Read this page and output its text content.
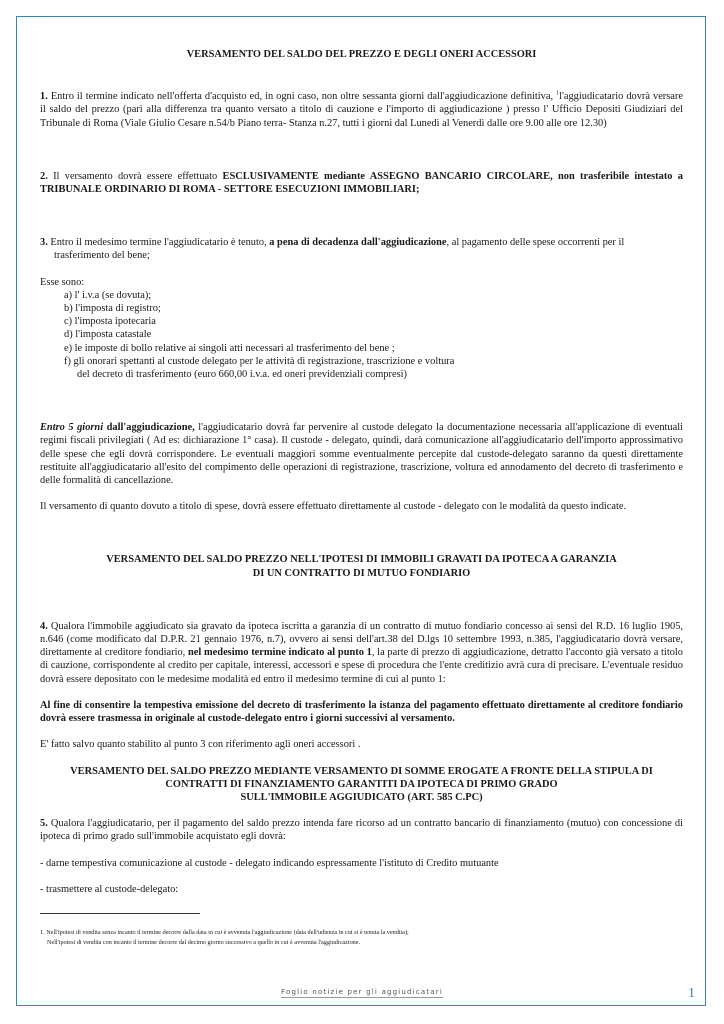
VERSAMENTO DEL SALDO DEL PREZZO E DEGLI ONERI ACCESSORI

1. Entro il termine indicato nell'offerta d'acquisto ed, in ogni caso, non oltre sessanta giorni dall'aggiudicazione definitiva, $^1$l'aggiudicatario dovrà versare il saldo del prezzo (pari alla differenza tra quanto versato a titolo di cauzione e l'importo di aggiudicazione ) presso l' Ufficio Depositi Giudiziari del Tribunale di Roma (Viale Giulio Cesare n.54/b Piano terra- Stanza n.27, tutti i giorni dal Lunedì al Venerdì dalle ore 9.00 alle ore 12.30)

2. Il versamento dovrà essere effettuato ESCLUSIVAMENTE mediante ASSEGNO BANCARIO CIRCOLARE, non trasferibile intestato a TRIBUNALE ORDINARIO DI ROMA - SETTORE ESECUZIONI IMMOBILIARI;

3. Entro il medesimo termine l'aggiudicatario è tenuto, a pena di decadenza dall'aggiudicazione, al pagamento delle spese occorrenti per il

trasferimento del bene;

Esse sono:

a) l' i.v.a (se dovuta);
b) l'imposta di registro;
c) l'imposta ipotecaria
d) l'imposta catastale
e) le imposte di bollo relative ai singoli atti necessari al trasferimento del bene ;
f) gli onorari spettanti al custode delegato per le attività di registrazione, trascrizione e voltura
del decreto di trasferimento (euro 660,00 i.v.a. ed oneri previdenziali compresi)

Entro 5 giorni dall'aggiudicazione, l'aggiudicatario dovrà far pervenire al custode delegato la documentazione necessaria all'applicazione di eventuali regimi fiscali privilegiati ( Ad es: dichiarazione 1° casa). Il custode - delegato, quindi, darà comunicazione all'aggiudicatario dell'importo approssimativo delle spese che egli dovrà corrispondere. Le eventuali maggiori somme eventualmente percepite dal custode-delegato saranno da questi direttamente restituite all'aggiudicatario all'esito del compimento delle operazioni di registrazione, trascrizione, voltura ed annodamento del decreto di trasferimento e delle formalità di cancellazione.

Il versamento di quanto dovuto a titolo di spese, dovrà essere effettuato direttamente al custode - delegato con le modalità da questo indicate.

VERSAMENTO DEL SALDO PREZZO NELL'IPOTESI DI IMMOBILI GRAVATI DA IPOTECA A GARANZIA
DI UN CONTRATTO DI MUTUO FONDIARIO

4. Qualora l'immobile aggiudicato sia gravato da ipoteca iscritta a garanzia di un contratto di mutuo fondiario concesso ai sensi del R.D. 16 luglio 1905, n.646 (come modificato dal D.P.R. 21 gennaio 1976, n.7), ovvero ai sensi dell'art.38 del D.lgs 10 settembre 1993, n.385, l'aggiudicatario dovrà versare, direttamente al creditore fondiario, nel medesimo termine indicato al punto 1, la parte di prezzo di aggiudicazione, detratto l'acconto già versato a titolo di cauzione, corrispondente al credito per capitale, interessi, accessori e spese di procedura che l'ente creditizio avrà cura di precisare. L'eventuale residuo dovrà essere depositato con le medesime modalità ed entro il medesimo termine di cui al punto 1:

Al fine di consentire la tempestiva emissione del decreto di trasferimento la istanza del pagamento effettuato direttamente al creditore fondiario dovrà essere trasmessa in originale al custode-delegato entro i giorni successivi al versamento.

E' fatto salvo quanto stabilito al punto 3 con riferimento agli oneri accessori .

VERSAMENTO DEL SALDO PREZZO MEDIANTE VERSAMENTO DI SOMME EROGATE A FRONTE DELLA STIPULA DI
CONTRATTI DI FINANZIAMENTO GARANTITI DA IPOTECA DI PRIMO GRADO
SULL'IMMOBILE AGGIUDICATO (ART. 585 C.PC)

5. Qualora l'aggiudicatario, per il pagamento del saldo prezzo intenda fare ricorso ad un contratto bancario di finanziamento (mutuo) con concessione di ipoteca di primo grado sull'immobile acquistato egli dovrà:

- darne tempestiva comunicazione al custode - delegato indicando espressamente l'istituto di Credito mutuante

- trasmettere al custode-delegato:

1. Nell'ipotesi di vendita senza incanto il termine decorre dalla data in cui è avvenuta l'aggiudicazione (data dell'udienza in cui si è tenuta la vendita);
Nell'ipotesi di vendita con incanto il termine decorre dal decimo giorno successivo a quello in cui è avvenuta l'aggiudicazione.
Foglio notizie per gli aggiudicatari	1
